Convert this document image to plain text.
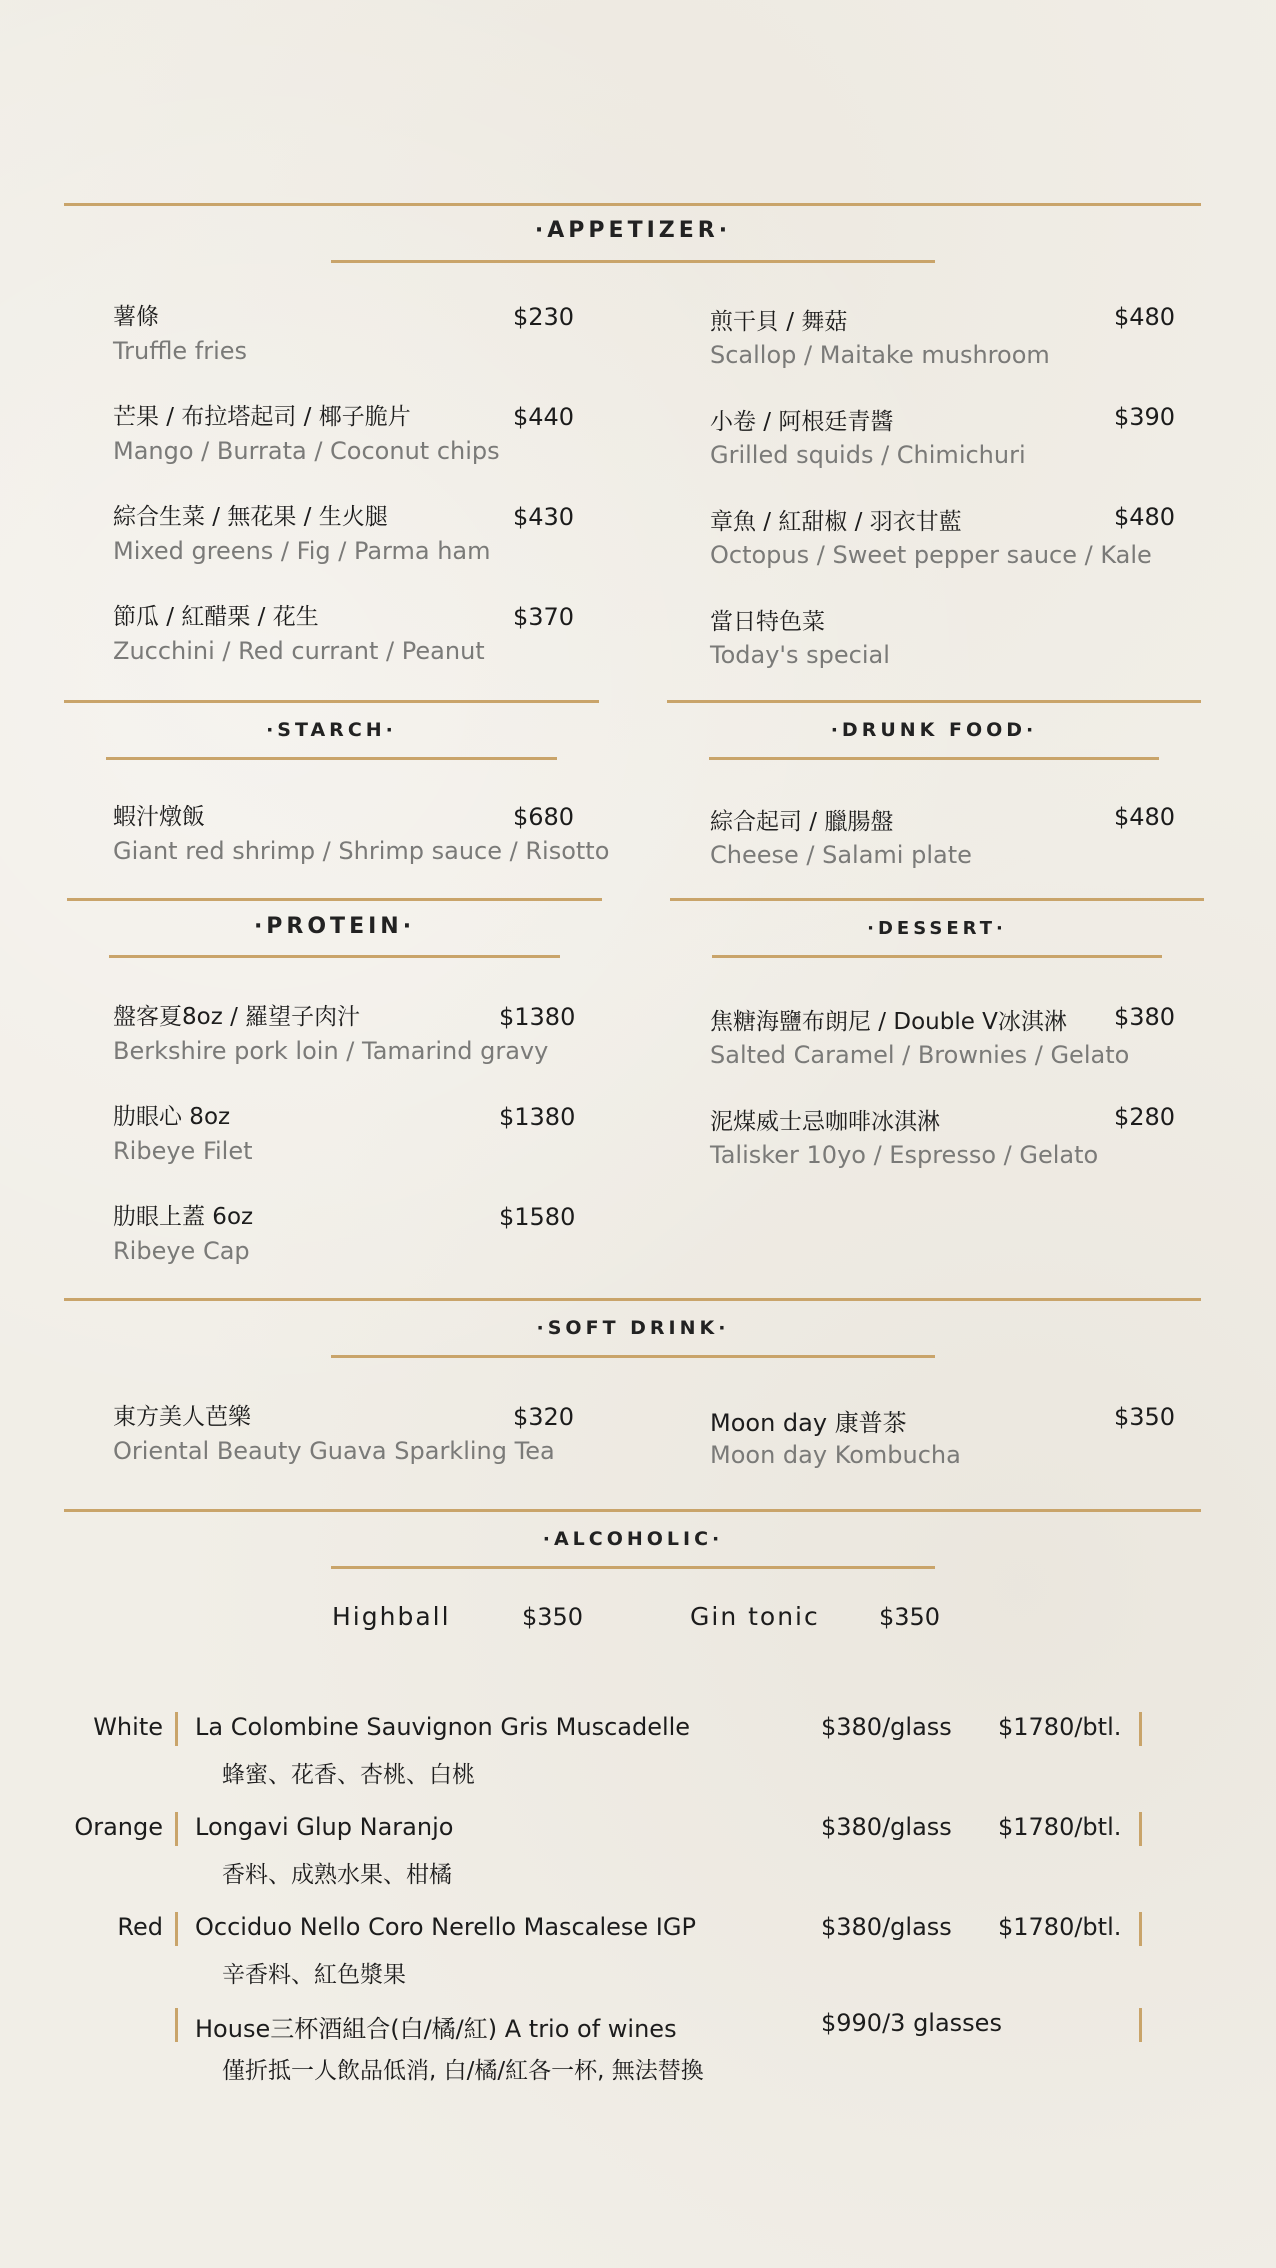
·APPETIZER·
薯條	$230
Truffle fries
芒果 / 布拉塔起司 / 椰子脆片	$440
Mango / Burrata / Coconut chips
綜合生菜 / 無花果 / 生火腿	$430
Mixed greens / Fig / Parma ham
節瓜 / 紅醋栗 / 花生	$370
Zucchini / Red currant / Peanut
煎干貝 / 舞菇	$480
Scallop / Maitake mushroom
小卷 / 阿根廷青醬	$390
Grilled squids / Chimichuri
章魚 / 紅甜椒 / 羽衣甘藍	$480
Octopus / Sweet pepper sauce / Kale
當日特色菜
Today's special
·STARCH·	·DRUNK FOOD·
蝦汁燉飯	$680
Giant red shrimp / Shrimp sauce / Risotto
綜合起司 / 臘腸盤	$480
Cheese / Salami plate
·PROTEIN·	·DESSERT·
盤客夏8oz / 羅望子肉汁	$1380
Berkshire pork loin / Tamarind gravy
肋眼心 8oz	$1380
Ribeye Filet
肋眼上蓋 6oz	$1580
Ribeye Cap
焦糖海鹽布朗尼 / Double V冰淇淋 $380
Salted Caramel / Brownies / Gelato
泥煤威士忌咖啡冰淇淋	$280
Talisker 10yo / Espresso / Gelato
·SOFT DRINK·
東方美人芭樂	$320
Oriental Beauty Guava Sparkling Tea
Moon day 康普茶	$350
Moon day Kombucha
·ALCOHOLIC·
Highball	$350	Gin tonic $350
White La Colombine Sauvignon Gris Muscadelle	$380/glass $1780/btl.
蜂蜜、花香、杏桃、白桃
Orange Longavi Glup Naranjo	$380/glass $1780/btl.
香料、成熟水果、柑橘
Red Occiduo Nello Coro Nerello Mascalese IGP	$380/glass $1780/btl.
辛香料、紅色漿果
House三杯酒組合(白/橘/紅) A trio of wines	$990/3 glasses
僅折抵一人飲品低消, 白/橘/紅各一杯, 無法替換
